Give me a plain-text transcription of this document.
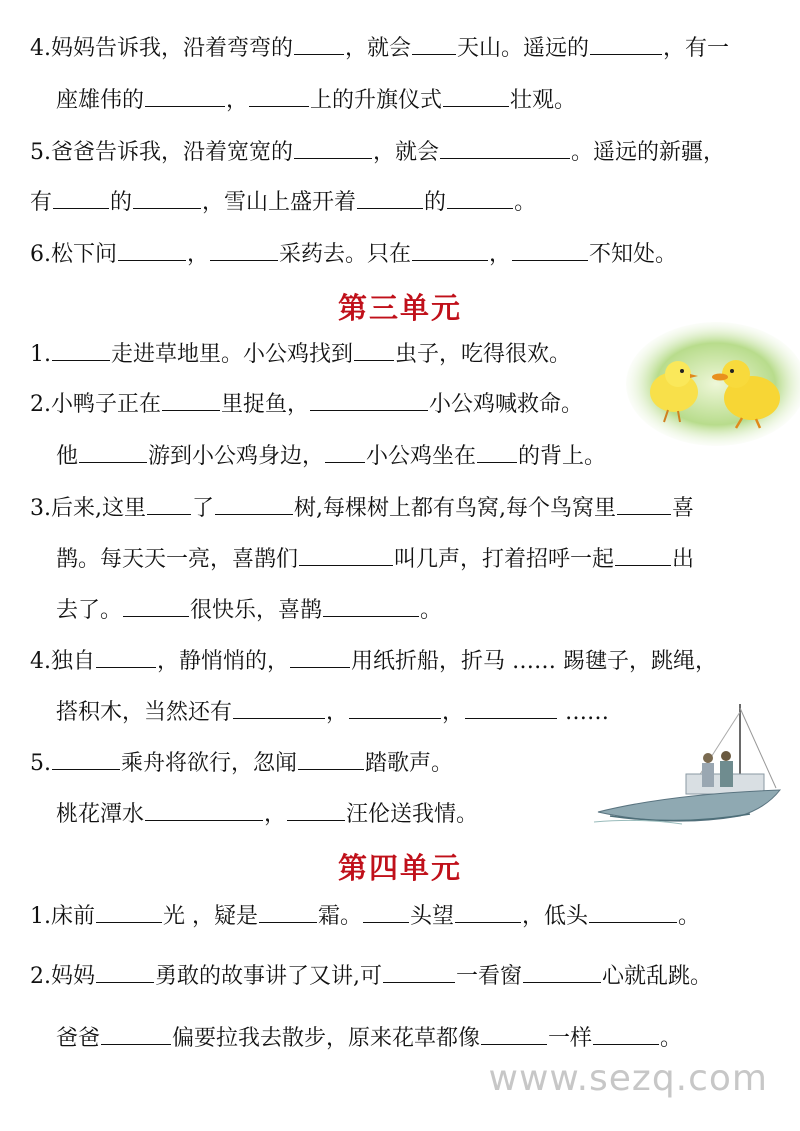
4.妈妈告诉我，沿着弯弯的 ，就会 天山。遥远的	，有一
座雄伟的	，	上的升旗仪式	壮观。
5.爸爸告诉我，沿着宽宽的	，就会	。遥远的新疆，
有	的	，雪山上盛开着	的	。
6.松下问	，	采药去。只在	，	不知处。
第三单元
1.	走进草地里。小公鸡找到 虫子，吃得很欢。
2.小鸭子正在	里捉鱼，	小公鸡喊救命。
他	游到小公鸡身边， 小公鸡坐在 的背上。
3.后来,这里 了	树,每棵树上都有鸟窝,每个鸟窝里	喜
鹊。每天天一亮，喜鹊们	叫几声，打着招呼一起	出
去了。	很快乐，喜鹊	。
4.独自	，静悄悄的，	用纸折船，折马 …… 踢毽子，跳绳，
搭积木，当然还有	，	，	……
5.	乘舟将欲行，忽闻	踏歌声。
桃花潭水	，	汪伦送我情。
第四单元
1.床前	光 ，疑是	霜。 头望	，低头	。
2.妈妈	勇敢的故事讲了又讲,可	一看窗	心就乱跳。
爸爸	偏要拉我去散步，原来花草都像	一样	。
www.sezq.com
